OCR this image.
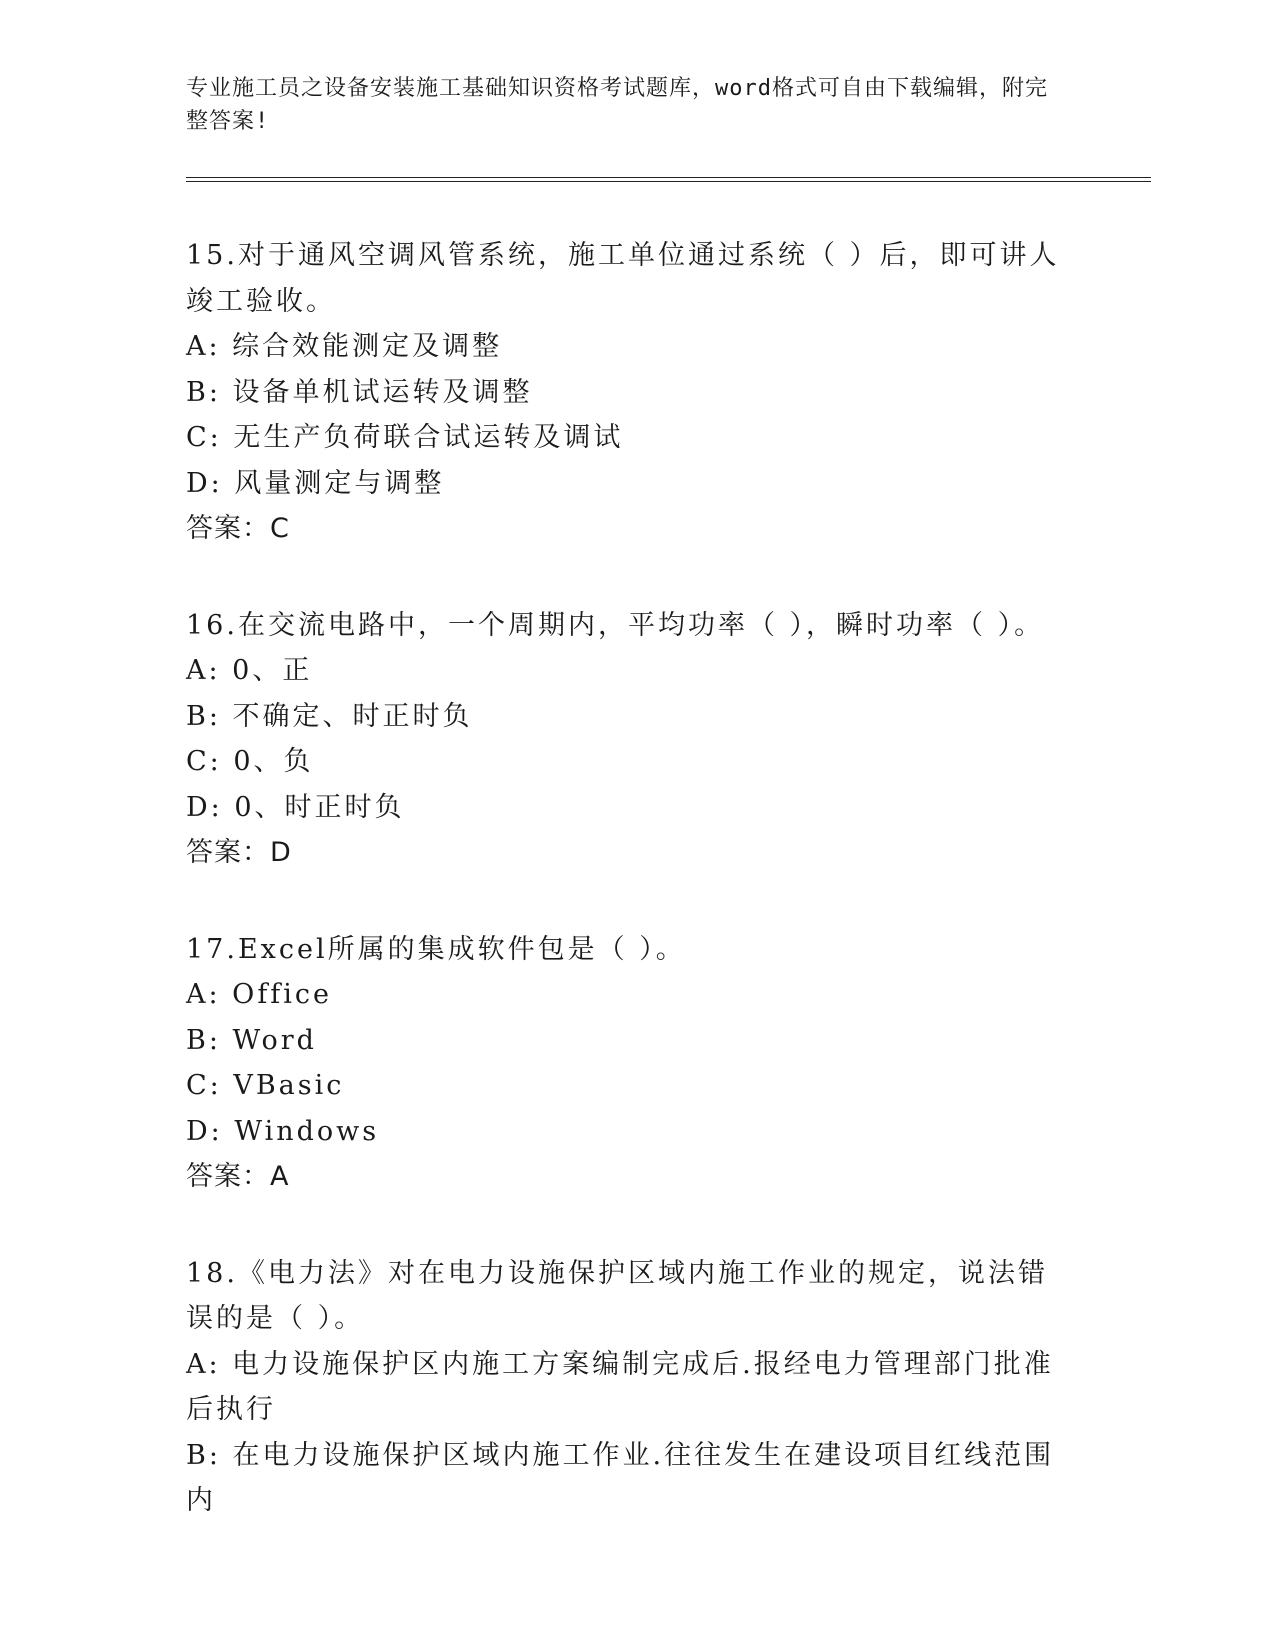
专业施工员之设备安装施工基础知识资格考试题库，word格式可自由下载编辑，附完整答案!
15.对于通风空调风管系统，施工单位通过系统（ ）后，即可讲人竣工验收。
A: 综合效能测定及调整
B: 设备单机试运转及调整
C: 无生产负荷联合试运转及调试
D: 风量测定与调整
答案：C
16.在交流电路中，一个周期内，平均功率（ ），瞬时功率（ ）。
A: 0、正
B: 不确定、时正时负
C: 0、负
D: 0、时正时负
答案：D
17.Excel所属的集成软件包是（ ）。
A: Office
B: Word
C: VBasic
D: Windows
答案：A
18.《电力法》对在电力设施保护区域内施工作业的规定，说法错误的是（ ）。
A: 电力设施保护区内施工方案编制完成后.报经电力管理部门批准后执行
B: 在电力设施保护区域内施工作业.往往发生在建设项目红线范围内
